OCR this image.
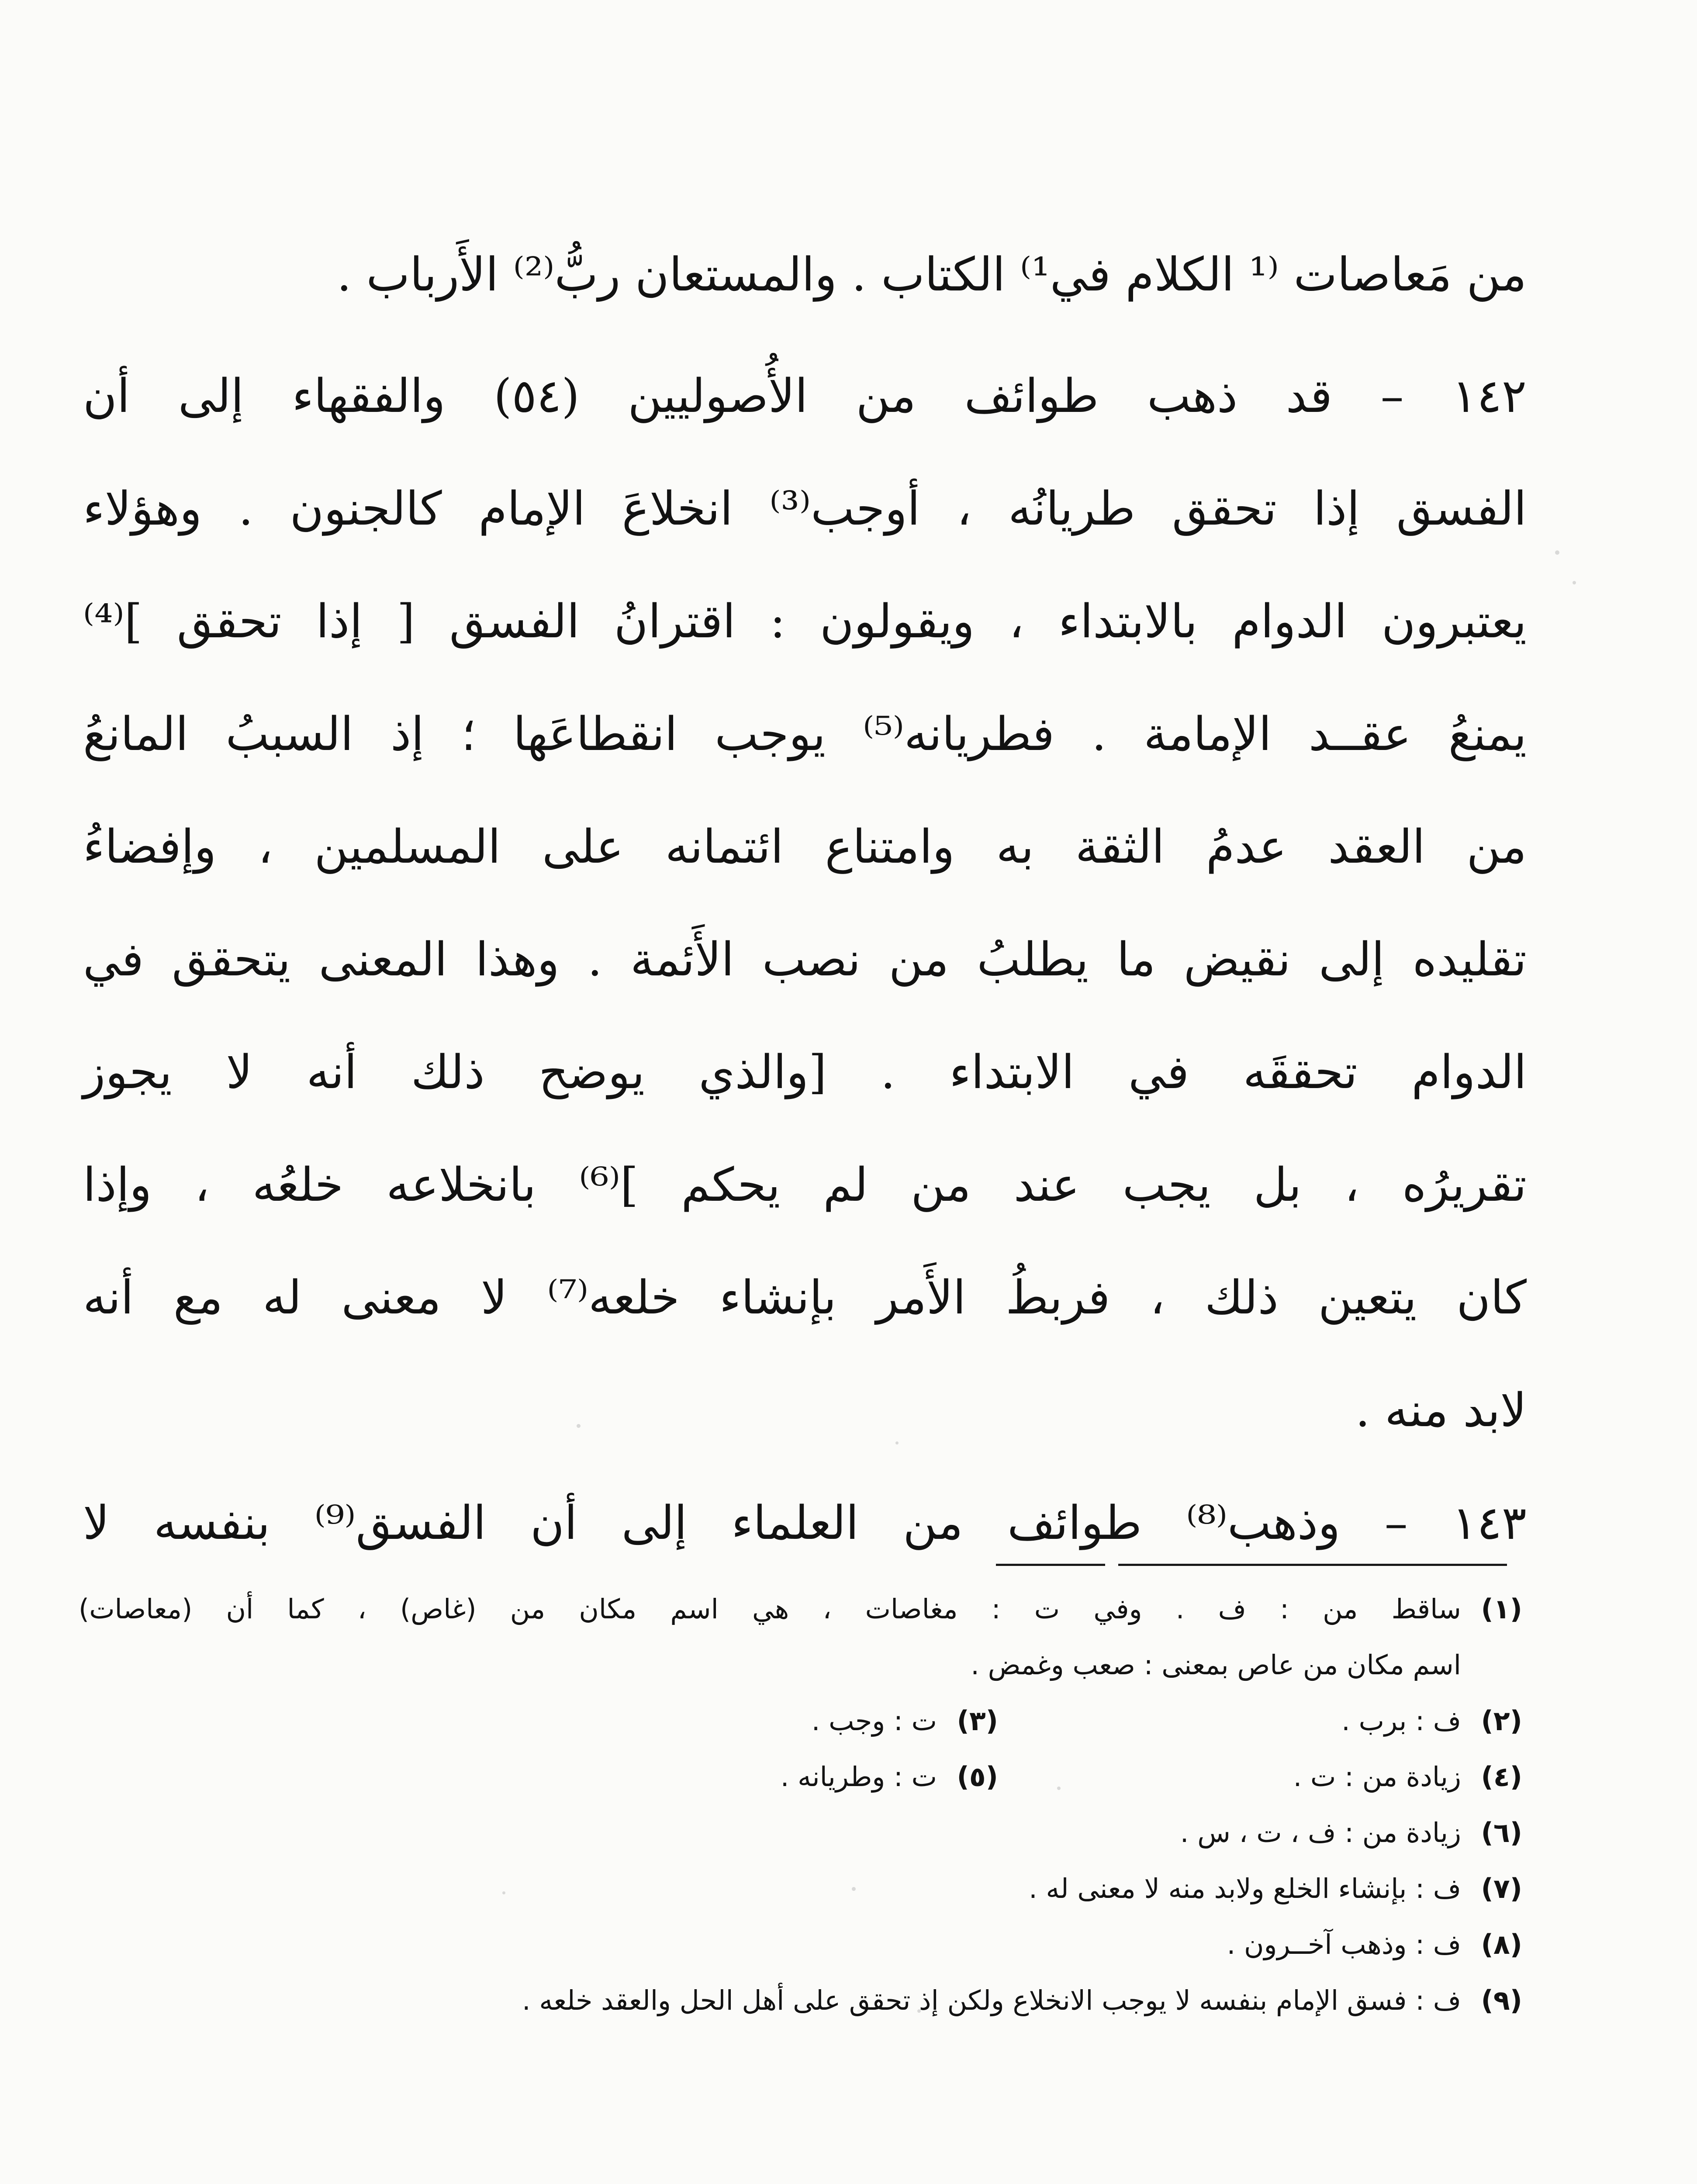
من مَعاصات ⁽¹ الكلام في¹⁾ الكتاب . والمستعان ربُّ⁽²⁾ الأَرباب .
١٤٢ – قد ذهب طوائف من الأُصوليين (٥٤) والفقهاء إلى أن
الفسق إذا تحقق طريانُه ، أوجب⁽³⁾ انخلاعَ الإمام كالجنون . وهؤلاء
يعتبرون الدوام بالابتداء ، ويقولون : اقترانُ الفسق [ إذا تحقق ]⁽⁴⁾
يمنعُ عقــد الإمامة . فطريانه⁽⁵⁾ يوجب انقطاعَها ؛ إذ السببُ المانعُ
من العقد عدمُ الثقة به وامتناع ائتمانه على المسلمين ، وإفضاءُ
تقليده إلى نقيض ما يطلبُ من نصب الأَئمة . وهذا المعنى يتحقق في
الدوام تحققَه في الابتداء . [والذي يوضح ذلك أنه لا يجوز
تقريرُه ، بل يجب عند من لم يحكم ]⁽⁶⁾ بانخلاعه خلعُه ، وإذا
كان يتعين ذلك ، فربطُ الأَمر بإنشاء خلعه⁽⁷⁾ لا معنى له مع أنه
لابد منه .
١٤٣ – وذهب⁽⁸⁾ طوائف من العلماء إلى أن الفسق⁽⁹⁾ بنفسه لا
(١)ساقط من : ف . وفي ت : مغاصات ، هي اسم مكان من (غاص) ، كما أن (معاصات)
اسم مكان من عاص بمعنى : صعب وغمض .
(٢)ف : برب .(٣)ت : وجب .
(٤)زيادة من : ت .(٥)ت : وطريانه .
(٦)زيادة من : ف ، ت ، س .
(٧)ف : بإنشاء الخلع ولابد منه لا معنى له .
(٨)ف : وذهب آخــرون .
(٩)ف : فسق الإمام بنفسه لا يوجب الانخلاع ولكن إذ تحقق على أهل الحل والعقد خلعه .
